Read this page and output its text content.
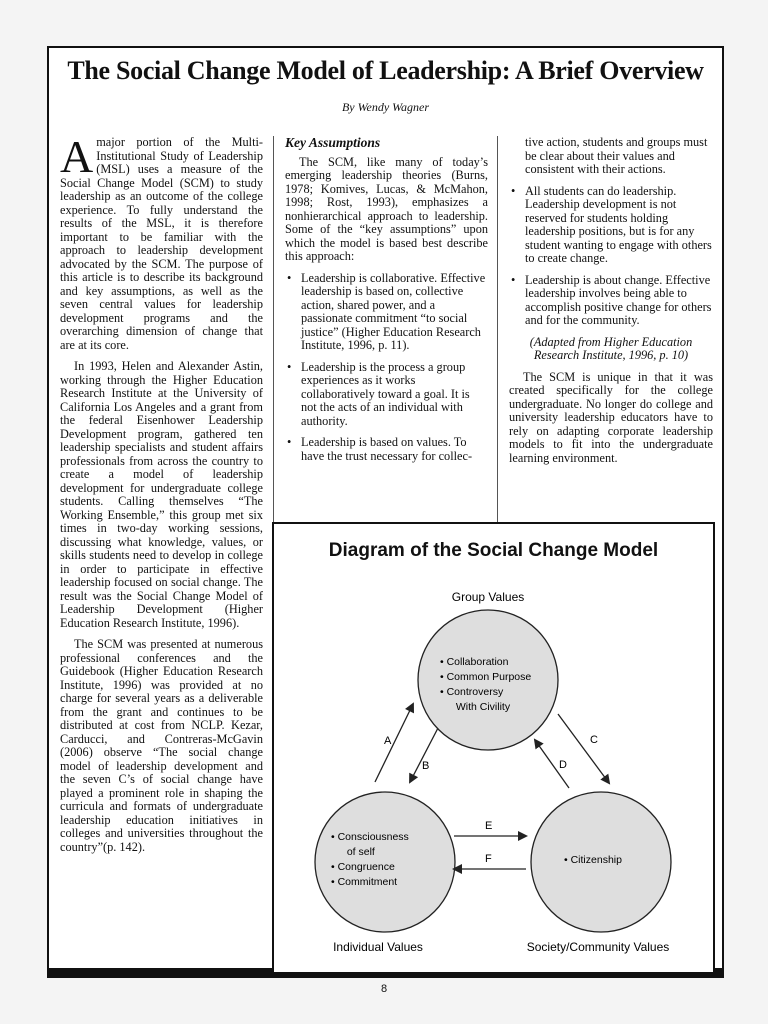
The Social Change Model of Leadership: A Brief Overview
By Wendy Wagner

Amajor portion of the Multi-Institutional Study of Leadership (MSL) uses a measure of the Social Change Model (SCM) to study leadership as an outcome of the college experience. To fully understand the results of the MSL, it is therefore important to be familiar with the approach to leadership development advocated by the SCM. The purpose of this article is to describe its background and key assumptions, as well as the seven central values for leadership development programs and the overarching dimension of change that are at its core.

In 1993, Helen and Alexander Astin, working through the Higher Education Research Institute at the University of California Los Angeles and a grant from the federal Eisenhower Leadership Development program, gathered ten leadership specialists and student affairs professionals from across the country to create a model of leadership development for undergraduate college students. Calling themselves “The Working Ensemble,” this group met six times in two-day working sessions, discussing what knowledge, values, or skills students need to develop in college in order to participate in effective leadership focused on social change. The result was the Social Change Model of Leadership Development (Higher Education Research Institute, 1996).

The SCM was presented at numerous professional conferences and the Guidebook (Higher Education Research Institute, 1996) was provided at no charge for several years as a deliverable from the grant and continues to be distributed at cost from NCLP. Kezar, Carducci, and Contreras-McGavin (2006) observe “The social change model of leadership development and the seven C’s of social change have played a prominent role in shaping the curricula and formats of undergraduate leadership education initiatives in colleges and universities throughout the country”(p. 142).

Key Assumptions

The SCM, like many of today’s emerging leadership theories (Burns, 1978; Komives, Lucas, & McMahon, 1998; Rost, 1993), emphasizes a nonhierarchical approach to leadership. Some of the “key assumptions” upon which the model is based best describe this approach:

• Leadership is collaborative. Effective leadership is based on, collective action, shared power, and a passionate commitment “to social justice” (Higher Education Research Institute, 1996, p. 11).
• Leadership is the process a group experiences as it works collaboratively toward a goal. It is not the acts of an individual with authority.
• Leadership is based on values. To have the trust necessary for collec-

tive action, students and groups must be clear about their values and consistent with their actions.

• All students can do leadership. Leadership development is not reserved for students holding leadership positions, but is for any student wanting to engage with others to create change.
• Leadership is about change. Effective leadership involves being able to accomplish positive change for others and for the community.

(Adapted from Higher Education Research Institute, 1996, p. 10)

The SCM is unique in that it was created specifically for the college undergraduate. No longer do college and university leadership educators have to rely on adapting corporate leadership models to fit into the undergraduate learning environment.

Diagram of the Social Change Model
Group Values
• Collaboration
• Common Purpose
• Controversy
With Civility
• Consciousness
of self
• Congruence
• Commitment
Individual Values
• Citizenship
Society/Community Values
A
B
C
D
E
F
8
